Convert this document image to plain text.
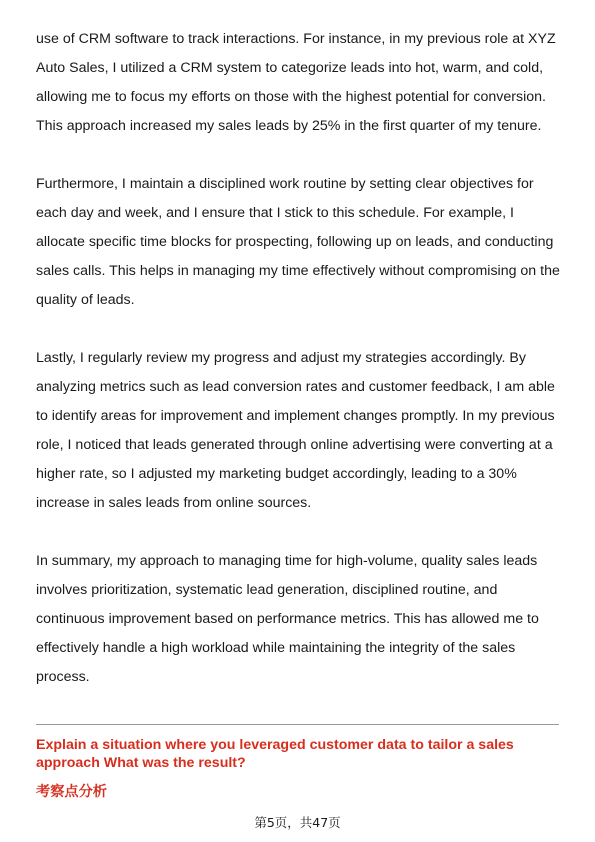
use of CRM software to track interactions. For instance, in my previous role at XYZ Auto Sales, I utilized a CRM system to categorize leads into hot, warm, and cold, allowing me to focus my efforts on those with the highest potential for conversion. This approach increased my sales leads by 25% in the first quarter of my tenure.

Furthermore, I maintain a disciplined work routine by setting clear objectives for each day and week, and I ensure that I stick to this schedule. For example, I allocate specific time blocks for prospecting, following up on leads, and conducting sales calls. This helps in managing my time effectively without compromising on the quality of leads.

Lastly, I regularly review my progress and adjust my strategies accordingly. By analyzing metrics such as lead conversion rates and customer feedback, I am able to identify areas for improvement and implement changes promptly. In my previous role, I noticed that leads generated through online advertising were converting at a higher rate, so I adjusted my marketing budget accordingly, leading to a 30% increase in sales leads from online sources.

In summary, my approach to managing time for high-volume, quality sales leads involves prioritization, systematic lead generation, disciplined routine, and continuous improvement based on performance metrics. This has allowed me to effectively handle a high workload while maintaining the integrity of the sales process.

Explain a situation where you leveraged customer data to tailor a sales approach What was the result?

考察点分析
第5页，共47页
